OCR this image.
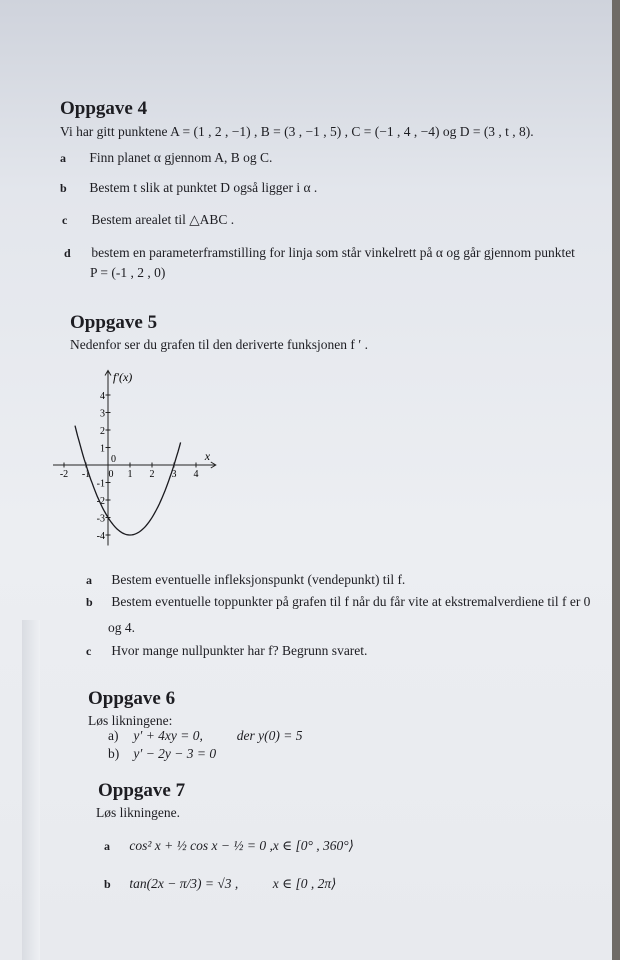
Oppgave 4
Vi har gitt punktene A = (1 , 2 , −1) , B = (3 , −1 , 5) , C = (−1 , 4 , −4) og D = (3 , t , 8).
a Finn planet α gjennom A, B og C.
b Bestem t slik at punktet D også ligger i α .
c Bestem arealet til △ABC .
d bestem en parameterframstilling for linja som står vinkelrett på α og går gjennom punktet
P = (-1 , 2 , 0)
Oppgave 5
Nedenfor ser du grafen til den deriverte funksjonen f ′ .
-2 -1 0 1 2 3 4
4
3
2
1
-1
-2
-3
-4
0
f′(x)
x
a Bestem eventuelle infleksjonspunkt (vendepunkt) til f.
b Bestem eventuelle toppunkter på grafen til f når du får vite at ekstremalverdiene til f er 0
og 4.
c Hvor mange nullpunkter har f? Begrunn svaret.
Oppgave 6
Løs likningene:
a) y′ + 4xy = 0,	der y(0) = 5
b) y′ − 2y − 3 = 0
Oppgave 7
Løs likningene.
a cos² x + ½ cos x − ½ = 0 , x ∈ [0° , 360°⟩
b tan(2x − π/3) = √3 ,	x ∈ [0 , 2π⟩
